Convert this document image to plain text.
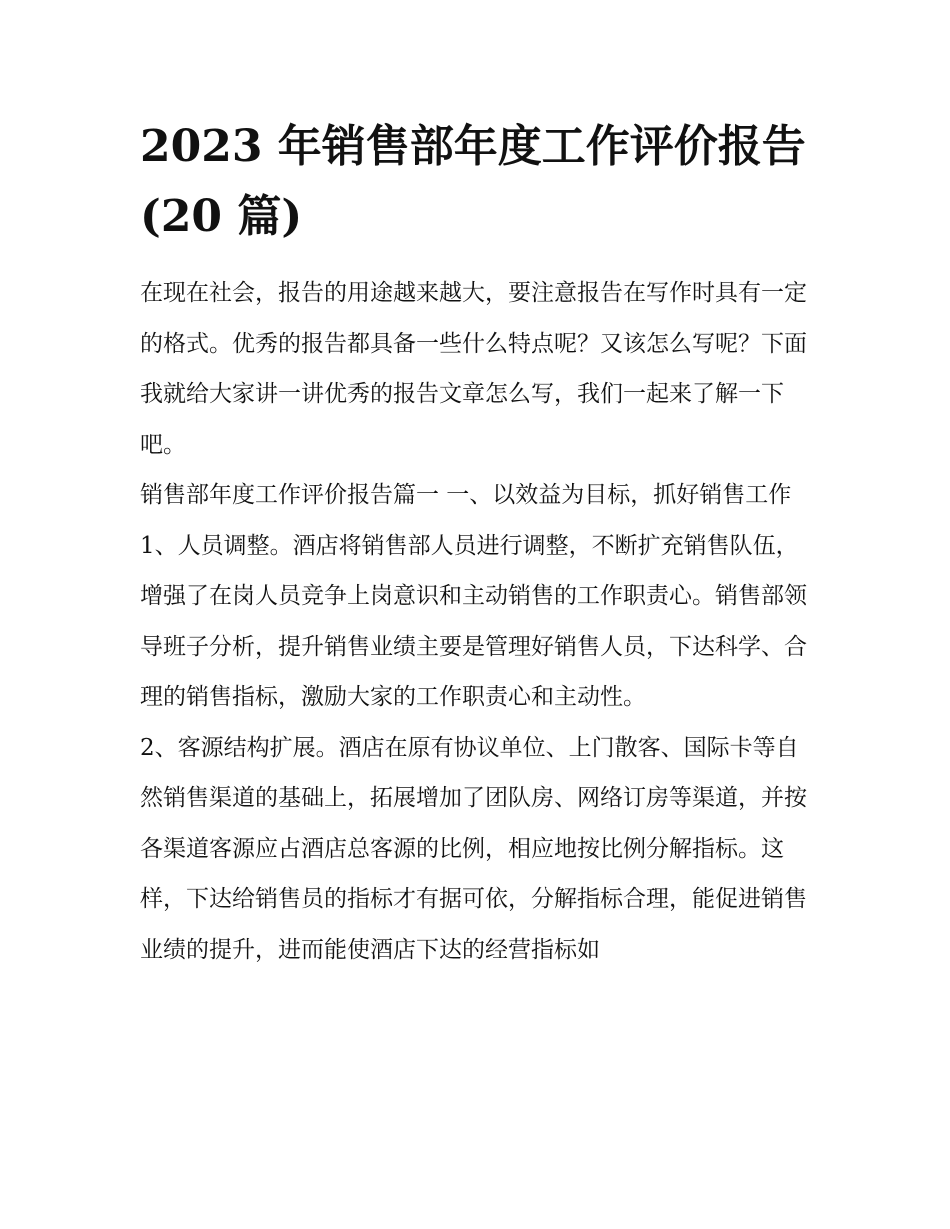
2023 年销售部年度工作评价报告(20 篇)

在现在社会，报告的用途越来越大，要注意报告在写作时具有一定的格式。优秀的报告都具备一些什么特点呢？又该怎么写呢？下面我就给大家讲一讲优秀的报告文章怎么写，我们一起来了解一下吧。

销售部年度工作评价报告篇一 一、以效益为目标，抓好销售工作

1、人员调整。酒店将销售部人员进行调整，不断扩充销售队伍，增强了在岗人员竞争上岗意识和主动销售的工作职责心。销售部领导班子分析，提升销售业绩主要是管理好销售人员，下达科学、合理的销售指标，激励大家的工作职责心和主动性。

2、客源结构扩展。酒店在原有协议单位、上门散客、国际卡等自然销售渠道的基础上，拓展增加了团队房、网络订房等渠道，并按各渠道客源应占酒店总客源的比例，相应地按比例分解指标。这样，下达给销售员的指标才有据可依，分解指标合理，能促进销售业绩的提升，进而能使酒店下达的经营指标如
